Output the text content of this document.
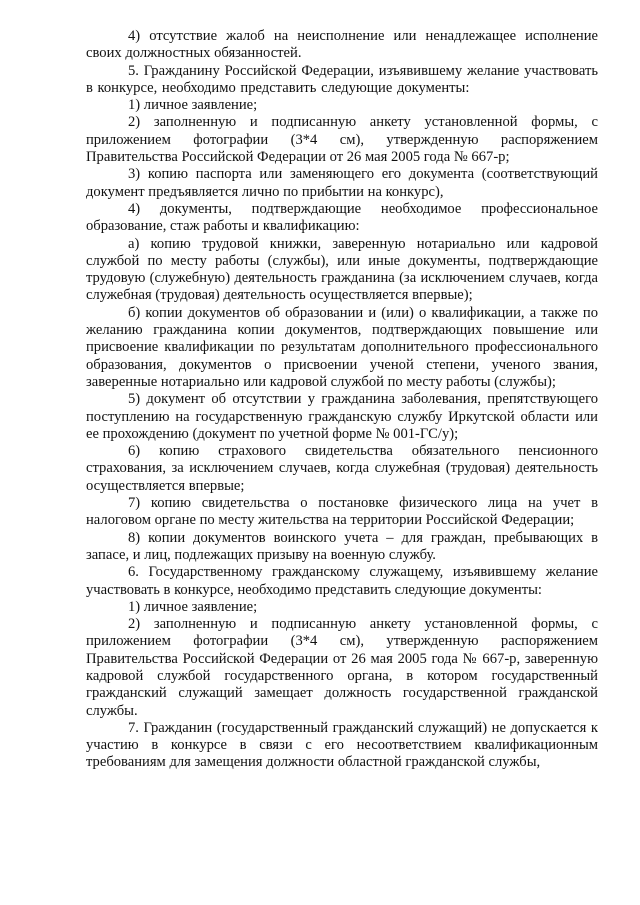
4) отсутствие жалоб на неисполнение или ненадлежащее исполнение своих должностных обязанностей.

5. Гражданину Российской Федерации, изъявившему желание участвовать в конкурсе, необходимо представить следующие документы:

1) личное заявление;

2) заполненную и подписанную анкету установленной формы, с приложением фотографии (3*4 см), утвержденную распоряжением Правительства Российской Федерации от 26 мая 2005 года № 667-р;

3) копию паспорта или заменяющего его документа (соответствующий документ предъявляется лично по прибытии на конкурс),

4) документы, подтверждающие необходимое профессиональное образование, стаж работы и квалификацию:

а) копию трудовой книжки, заверенную нотариально или кадровой службой по месту работы (службы), или иные документы, подтверждающие трудовую (служебную) деятельность гражданина (за исключением случаев, когда служебная (трудовая) деятельность осуществляется впервые);

б) копии документов об образовании и (или) о квалификации, а также по желанию гражданина копии документов, подтверждающих повышение или присвоение квалификации по результатам дополнительного профессионального образования, документов о присвоении ученой степени, ученого звания, заверенные нотариально или кадровой службой по месту работы (службы);

5) документ об отсутствии у гражданина заболевания, препятствующего поступлению на государственную гражданскую службу Иркутской области или ее прохождению (документ по учетной форме № 001-ГС/у);

6) копию страхового свидетельства обязательного пенсионного страхования, за исключением случаев, когда служебная (трудовая) деятельность осуществляется впервые;

7) копию свидетельства о постановке физического лица на учет в налоговом органе по месту жительства на территории Российской Федерации;

8) копии документов воинского учета – для граждан, пребывающих в запасе, и лиц, подлежащих призыву на военную службу.

6. Государственному гражданскому служащему, изъявившему желание участвовать в конкурсе, необходимо представить следующие документы:

1) личное заявление;

2) заполненную и подписанную анкету установленной формы, с приложением фотографии (3*4 см), утвержденную распоряжением Правительства Российской Федерации от 26 мая 2005 года № 667-р, заверенную кадровой службой государственного органа, в котором государственный гражданский служащий замещает должность государственной гражданской службы.

7. Гражданин (государственный гражданский служащий) не допускается к участию в конкурсе в связи с его несоответствием квалификационным требованиям для замещения должности областной гражданской службы,
